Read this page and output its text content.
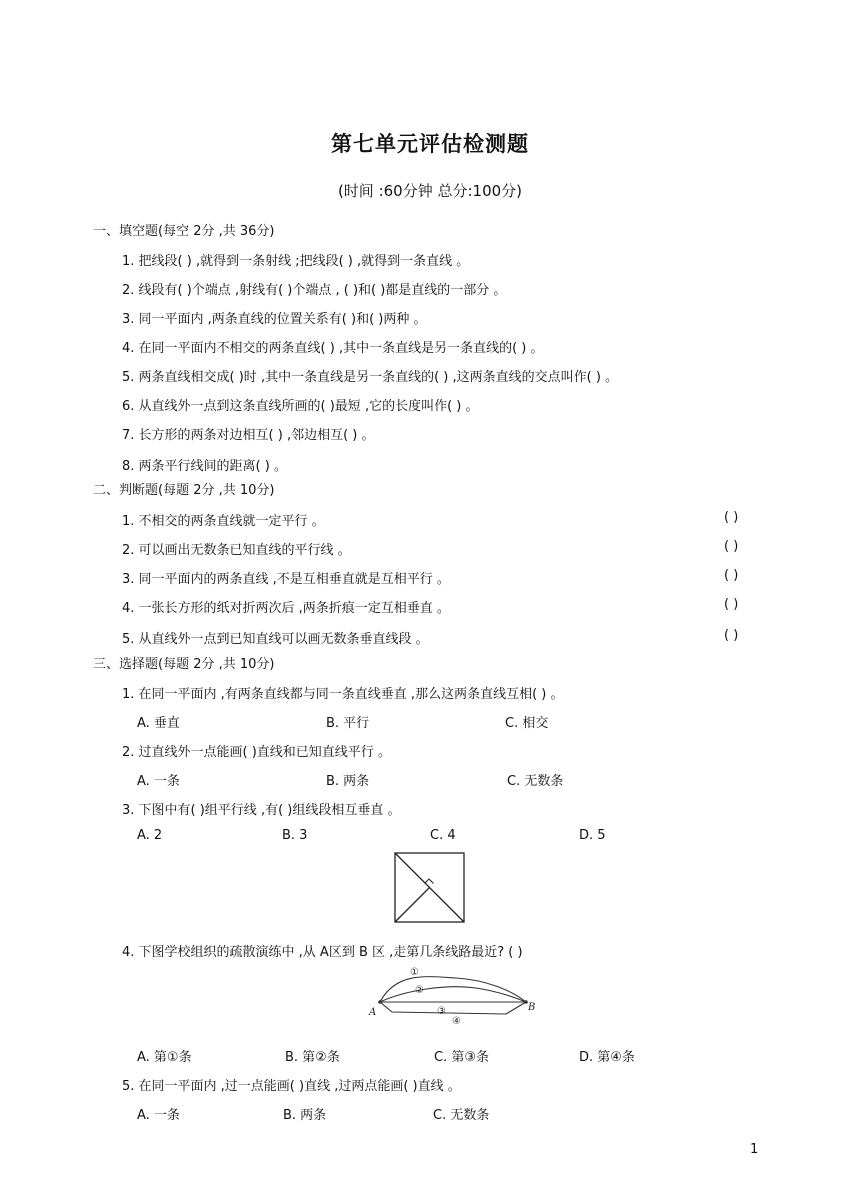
第七单元评估检测题
(时间 :60分钟 总分:100分)
一、填空题(每空 2分 ,共 36分)
1. 把线段( ) ,就得到一条射线 ;把线段( ) ,就得到一条直线 。
2. 线段有( )个端点 ,射线有( )个端点 , ( )和( )都是直线的一部分 。
3. 同一平面内 ,两条直线的位置关系有( )和( )两种 。
4. 在同一平面内不相交的两条直线( ) ,其中一条直线是另一条直线的( ) 。
5. 两条直线相交成( )时 ,其中一条直线是另一条直线的( ) ,这两条直线的交点叫作( ) 。
6. 从直线外一点到这条直线所画的( )最短 ,它的长度叫作( ) 。
7. 长方形的两条对边相互( ) ,邻边相互( ) 。
8. 两条平行线间的距离( ) 。
二、判断题(每题 2分 ,共 10分)
1. 不相交的两条直线就一定平行 。	( )
2. 可以画出无数条已知直线的平行线 。	( )
3. 同一平面内的两条直线 ,不是互相垂直就是互相平行 。	( )
4. 一张长方形的纸对折两次后 ,两条折痕一定互相垂直 。	( )
5. 从直线外一点到已知直线可以画无数条垂直线段 。	( )
三、选择题(每题 2分 ,共 10分)
1. 在同一平面内 ,有两条直线都与同一条直线垂直 ,那么这两条直线互相( ) 。
A. 垂直	B. 平行	C. 相交
2. 过直线外一点能画( )直线和已知直线平行 。
A. 一条	B. 两条	C. 无数条
3. 下图中有( )组平行线 ,有( )组线段相互垂直 。
A. 2	B. 3	C. 4	D. 5
4. 下图学校组织的疏散演练中 ,从 A区到 B 区 ,走第几条线路最近? ( )
A	B
①
②
③
④
A. 第①条	B. 第②条	C. 第③条	D. 第④条
5. 在同一平面内 ,过一点能画( )直线 ,过两点能画( )直线 。
A. 一条	B. 两条	C. 无数条
1
